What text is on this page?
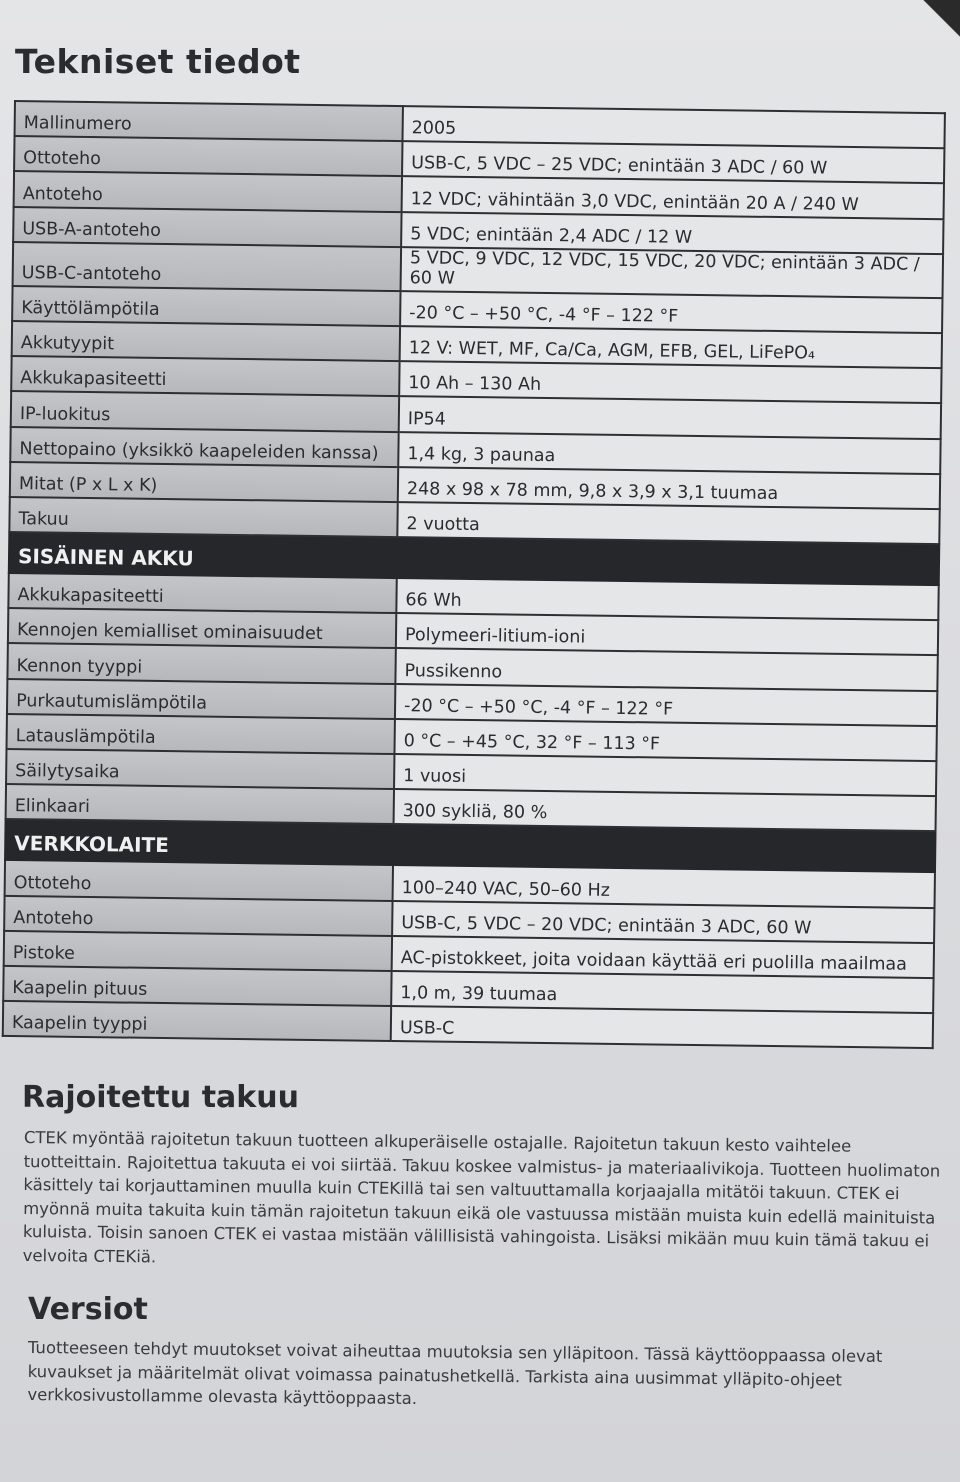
Tekniset tiedot
Mallinumero	2005
Ottoteho	USB-C, 5 VDC – 25 VDC; enintään 3 ADC / 60 W
Antoteho	12 VDC; vähintään 3,0 VDC, enintään 20 A / 240 W
USB-A-antoteho	5 VDC; enintään 2,4 ADC / 12 W
USB-C-antoteho	5 VDC, 9 VDC, 12 VDC, 15 VDC, 20 VDC; enintään 3 ADC / 60 W
Käyttölämpötila	-20 °C – +50 °C, -4 °F – 122 °F
Akkutyypit	12 V: WET, MF, Ca/Ca, AGM, EFB, GEL, LiFePO₄
Akkukapasiteetti	10 Ah – 130 Ah
IP-luokitus	IP54
Nettopaino (yksikkö kaapeleiden kanssa)	1,4 kg, 3 paunaa
Mitat (P x L x K)	248 x 98 x 78 mm, 9,8 x 3,9 x 3,1 tuumaa
Takuu	2 vuotta
SISÄINEN AKKU	
Akkukapasiteetti	66 Wh
Kennojen kemialliset ominaisuudet	Polymeeri-litium-ioni
Kennon tyyppi	Pussikenno
Purkautumislämpötila	-20 °C – +50 °C, -4 °F – 122 °F
Latauslämpötila	0 °C – +45 °C, 32 °F – 113 °F
Säilytysaika	1 vuosi
Elinkaari	300 sykliä, 80 %
VERKKOLAITE	
Ottoteho	100–240 VAC, 50–60 Hz
Antoteho	USB-C, 5 VDC – 20 VDC; enintään 3 ADC, 60 W
Pistoke	AC-pistokkeet, joita voidaan käyttää eri puolilla maailmaa
Kaapelin pituus	1,0 m, 39 tuumaa
Kaapelin tyyppi	USB-C
Rajoitettu takuu

CTEK myöntää rajoitetun takuun tuotteen alkuperäiselle ostajalle. Rajoitetun takuun kesto vaihtelee tuotteittain. Rajoitettua takuuta ei voi siirtää. Takuu koskee valmistus- ja materiaalivikoja. Tuotteen huolimaton käsittely tai korjauttaminen muulla kuin CTEKillä tai sen valtuuttamalla korjaajalla mitätöi takuun. CTEK ei myönnä muita takuita kuin tämän rajoitetun takuun eikä ole vastuussa mistään muista kuin edellä mainituista kuluista. Toisin sanoen CTEK ei vastaa mistään välillisistä vahingoista. Lisäksi mikään muu kuin tämä takuu ei velvoita CTEKiä.

Versiot

Tuotteeseen tehdyt muutokset voivat aiheuttaa muutoksia sen ylläpitoon. Tässä käyttöoppaassa olevat kuvaukset ja määritelmät olivat voimassa painatushetkellä. Tarkista aina uusimmat ylläpito-ohjeet verkkosivustollamme olevasta käyttöoppaasta.
